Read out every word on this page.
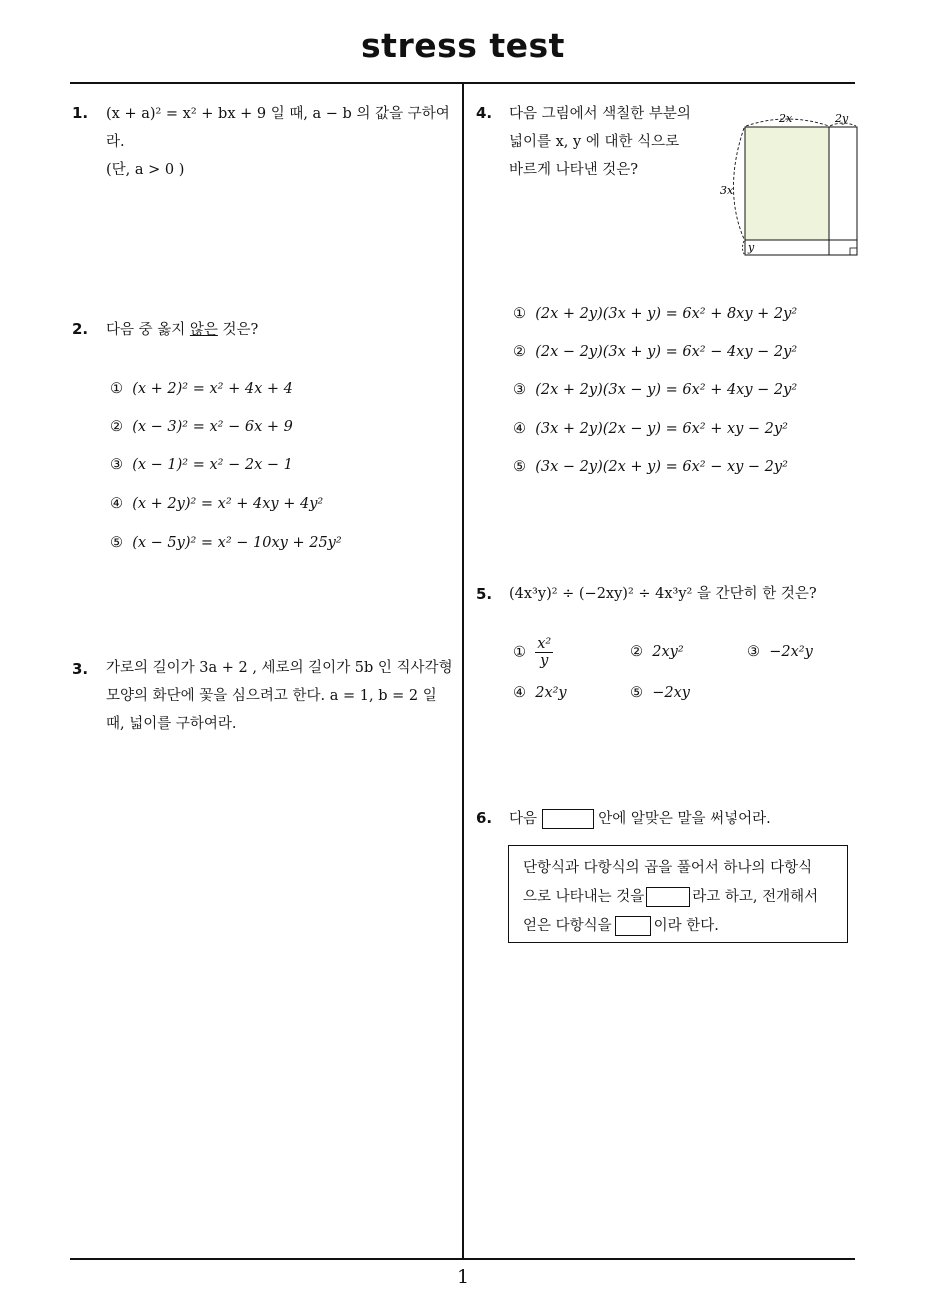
stress test
1
1. (x + a)² = x² + bx + 9 일 때, a − b 의 값을 구하여라.
(단, a > 0 )
2. 다음 중 옳지 않은 것은?
① (x + 2)² = x² + 4x + 4
② (x − 3)² = x² − 6x + 9
③ (x − 1)² = x² − 2x − 1
④ (x + 2y)² = x² + 4xy + 4y²
⑤ (x − 5y)² = x² − 10xy + 25y²
3. 가로의 길이가 3a + 2 , 세로의 길이가 5b 인 직사각형
모양의 화단에 꽃을 심으려고 한다. a = 1, b = 2 일
때, 넓이를 구하여라.
4. 다음 그림에서 색칠한 부분의
넓이를 x, y 에 대한 식으로
바르게 나타낸 것은?
2x	2y
3x
y
① (2x + 2y)(3x + y) = 6x² + 8xy + 2y²
② (2x − 2y)(3x + y) = 6x² − 4xy − 2y²
③ (2x + 2y)(3x − y) = 6x² + 4xy − 2y²
④ (3x + 2y)(2x − y) = 6x² + xy − 2y²
⑤ (3x − 2y)(2x + y) = 6x² − xy − 2y²
5. (4x³y)² ÷ (−2xy)² ÷ 4x³y² 을 간단히 한 것은?
① $\frac{\text{x²}}{y}$	② 2xy²	③ −2x²y
④ 2x²y	⑤ −2xy
6. 다음	안에 알맞은 말을 써넣어라.
단항식과 다항식의 곱을 풀어서 하나의 다항식
으로 나타내는 것을	라고 하고, 전개해서
얻은 다항식을	이라 한다.
